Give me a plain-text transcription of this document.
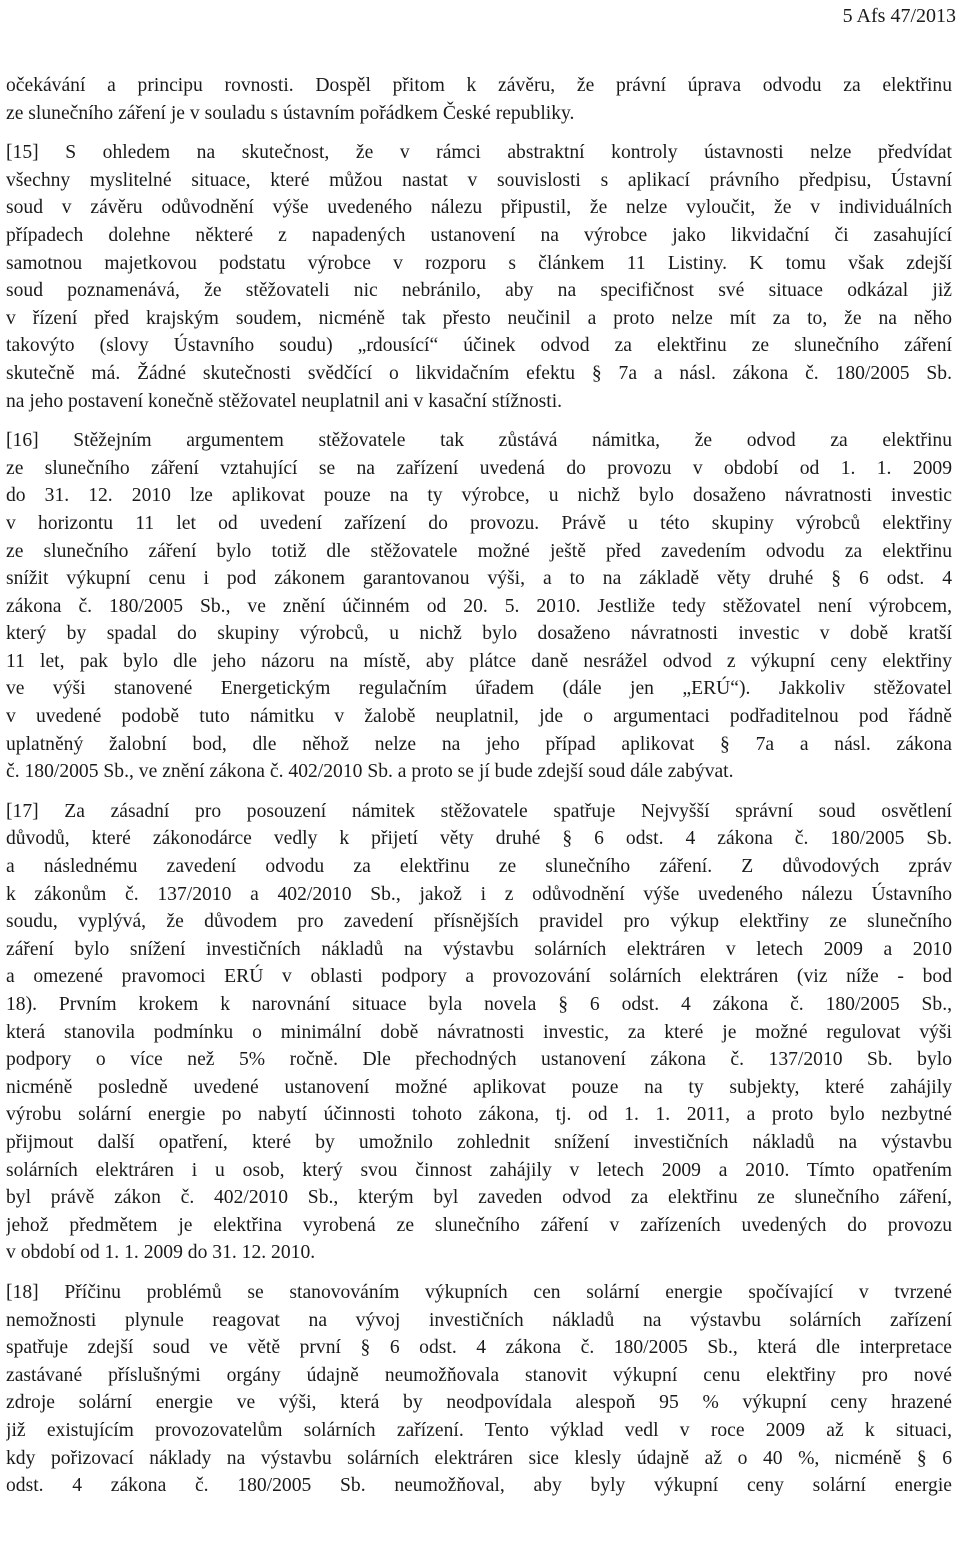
5 Afs 47/2013
očekávání a principu rovnosti. Dospěl přitom k závěru, že právní úprava odvodu za elektřinu
ze slunečního záření je v souladu s ústavním pořádkem České republiky.
[15] S ohledem na skutečnost, že v rámci abstraktní kontroly ústavnosti nelze předvídat
všechny myslitelné situace, které můžou nastat v souvislosti s aplikací právního předpisu, Ústavní
soud v závěru odůvodnění výše uvedeného nálezu připustil, že nelze vyloučit, že v individuálních
případech dolehne některé z napadených ustanovení na výrobce jako likvidační či zasahující
samotnou majetkovou podstatu výrobce v rozporu s článkem 11 Listiny. K tomu však zdejší
soud poznamenává, že stěžovateli nic nebránilo, aby na specifičnost své situace odkázal již
v řízení před krajským soudem, nicméně tak přesto neučinil a proto nelze mít za to, že na něho
takovýto (slovy Ústavního soudu) „rdousící“ účinek odvod za elektřinu ze slunečního záření
skutečně má. Žádné skutečnosti svědčící o likvidačním efektu § 7a a násl. zákona č. 180/2005 Sb.
na jeho postavení konečně stěžovatel neuplatnil ani v kasační stížnosti.
[16] Stěžejním argumentem stěžovatele tak zůstává námitka, že odvod za elektřinu
ze slunečního záření vztahující se na zařízení uvedená do provozu v období od 1. 1. 2009
do 31. 12. 2010 lze aplikovat pouze na ty výrobce, u nichž bylo dosaženo návratnosti investic
v horizontu 11 let od uvedení zařízení do provozu. Právě u této skupiny výrobců elektřiny
ze slunečního záření bylo totiž dle stěžovatele možné ještě před zavedením odvodu za elektřinu
snížit výkupní cenu i pod zákonem garantovanou výši, a to na základě věty druhé § 6 odst. 4
zákona č. 180/2005 Sb., ve znění účinném od 20. 5. 2010. Jestliže tedy stěžovatel není výrobcem,
který by spadal do skupiny výrobců, u nichž bylo dosaženo návratnosti investic v době kratší
11 let, pak bylo dle jeho názoru na místě, aby plátce daně nesrážel odvod z výkupní ceny elektřiny
ve výši stanovené Energetickým regulačním úřadem (dále jen „ERÚ“). Jakkoliv stěžovatel
v uvedené podobě tuto námitku v žalobě neuplatnil, jde o argumentaci podřaditelnou pod řádně
uplatněný žalobní bod, dle něhož nelze na jeho případ aplikovat § 7a a násl. zákona
č. 180/2005 Sb., ve znění zákona č. 402/2010 Sb. a proto se jí bude zdejší soud dále zabývat.
[17] Za zásadní pro posouzení námitek stěžovatele spatřuje Nejvyšší správní soud osvětlení
důvodů, které zákonodárce vedly k přijetí věty druhé § 6 odst. 4 zákona č. 180/2005 Sb.
a následnému zavedení odvodu za elektřinu ze slunečního záření. Z důvodových zpráv
k zákonům č. 137/2010 a 402/2010 Sb., jakož i z odůvodnění výše uvedeného nálezu Ústavního
soudu, vyplývá, že důvodem pro zavedení přísnějších pravidel pro výkup elektřiny ze slunečního
záření bylo snížení investičních nákladů na výstavbu solárních elektráren v letech 2009 a 2010
a omezené pravomoci ERÚ v oblasti podpory a provozování solárních elektráren (viz níže - bod
18). Prvním krokem k narovnání situace byla novela § 6 odst. 4 zákona č. 180/2005 Sb.,
která stanovila podmínku o minimální době návratnosti investic, za které je možné regulovat výši
podpory o více než 5% ročně. Dle přechodných ustanovení zákona č. 137/2010 Sb. bylo
nicméně posledně uvedené ustanovení možné aplikovat pouze na ty subjekty, které zahájily
výrobu solární energie po nabytí účinnosti tohoto zákona, tj. od 1. 1. 2011, a proto bylo nezbytné
přijmout další opatření, které by umožnilo zohlednit snížení investičních nákladů na výstavbu
solárních elektráren i u osob, který svou činnost zahájily v letech 2009 a 2010. Tímto opatřením
byl právě zákon č. 402/2010 Sb., kterým byl zaveden odvod za elektřinu ze slunečního záření,
jehož předmětem je elektřina vyrobená ze slunečního záření v zařízeních uvedených do provozu
v období od 1. 1. 2009 do 31. 12. 2010.
[18] Příčinu problémů se stanovováním výkupních cen solární energie spočívající v tvrzené
nemožnosti plynule reagovat na vývoj investičních nákladů na výstavbu solárních zařízení
spatřuje zdejší soud ve větě první § 6 odst. 4 zákona č. 180/2005 Sb., která dle interpretace
zastávané příslušnými orgány údajně neumožňovala stanovit výkupní cenu elektřiny pro nové
zdroje solární energie ve výši, která by neodpovídala alespoň 95 % výkupní ceny hrazené
již existujícím provozovatelům solárních zařízení. Tento výklad vedl v roce 2009 až k situaci,
kdy pořizovací náklady na výstavbu solárních elektráren sice klesly údajně až o 40 %, nicméně § 6
odst. 4 zákona č. 180/2005 Sb. neumožňoval, aby byly výkupní ceny solární energie
